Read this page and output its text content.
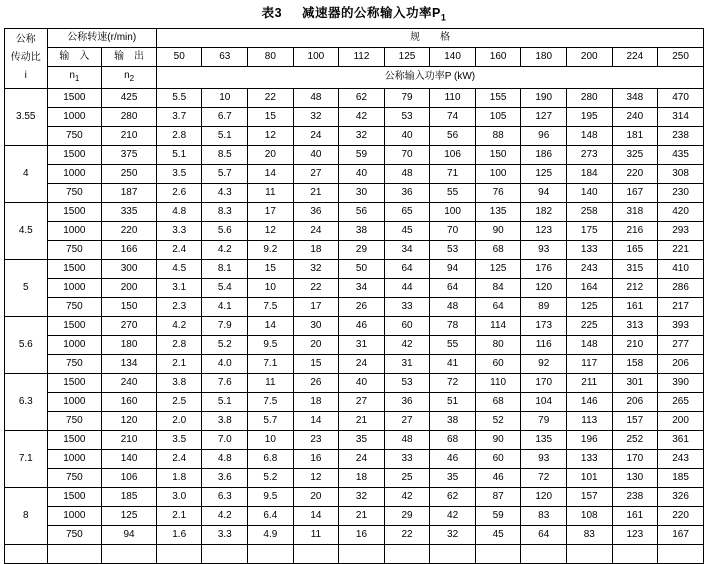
表3 减速器的公称输入功率$P_1$
公称
传动比
i	公称转速(r/min)		规　　格											
	输　入	输　出	50	63	80	100	112	125	140	160	180	200	224	250
	$n_1$	$n_2$	公称输入功率P (kW)											
3.55	1500	425	5.5	10	22	48	62	79	110	155	190	280	348	470
	1000	280	3.7	6.7	15	32	42	53	74	105	127	195	240	314
	750	210	2.8	5.1	12	24	32	40	56	88	96	148	181	238
4	1500	375	5.1	8.5	20	40	59	70	106	150	186	273	325	435
	1000	250	3.5	5.7	14	27	40	48	71	100	125	184	220	308
	750	187	2.6	4.3	11	21	30	36	55	76	94	140	167	230
4.5	1500	335	4.8	8.3	17	36	56	65	100	135	182	258	318	420
	1000	220	3.3	5.6	12	24	38	45	70	90	123	175	216	293
	750	166	2.4	4.2	9.2	18	29	34	53	68	93	133	165	221
5	1500	300	4.5	8.1	15	32	50	64	94	125	176	243	315	410
	1000	200	3.1	5.4	10	22	34	44	64	84	120	164	212	286
	750	150	2.3	4.1	7.5	17	26	33	48	64	89	125	161	217
5.6	1500	270	4.2	7.9	14	30	46	60	78	114	173	225	313	393
	1000	180	2.8	5.2	9.5	20	31	42	55	80	116	148	210	277
	750	134	2.1	4.0	7.1	15	24	31	41	60	92	117	158	206
6.3	1500	240	3.8	7.6	11	26	40	53	72	110	170	211	301	390
	1000	160	2.5	5.1	7.5	18	27	36	51	68	104	146	206	265
	750	120	2.0	3.8	5.7	14	21	27	38	52	79	113	157	200
7.1	1500	210	3.5	7.0	10	23	35	48	68	90	135	196	252	361
	1000	140	2.4	4.8	6.8	16	24	33	46	60	93	133	170	243
	750	106	1.8	3.6	5.2	12	18	25	35	46	72	101	130	185
8	1500	185	3.0	6.3	9.5	20	32	42	62	87	120	157	238	326
	1000	125	2.1	4.2	6.4	14	21	29	42	59	83	108	161	220
	750	94	1.6	3.3	4.9	11	16	22	32	45	64	83	123	167
